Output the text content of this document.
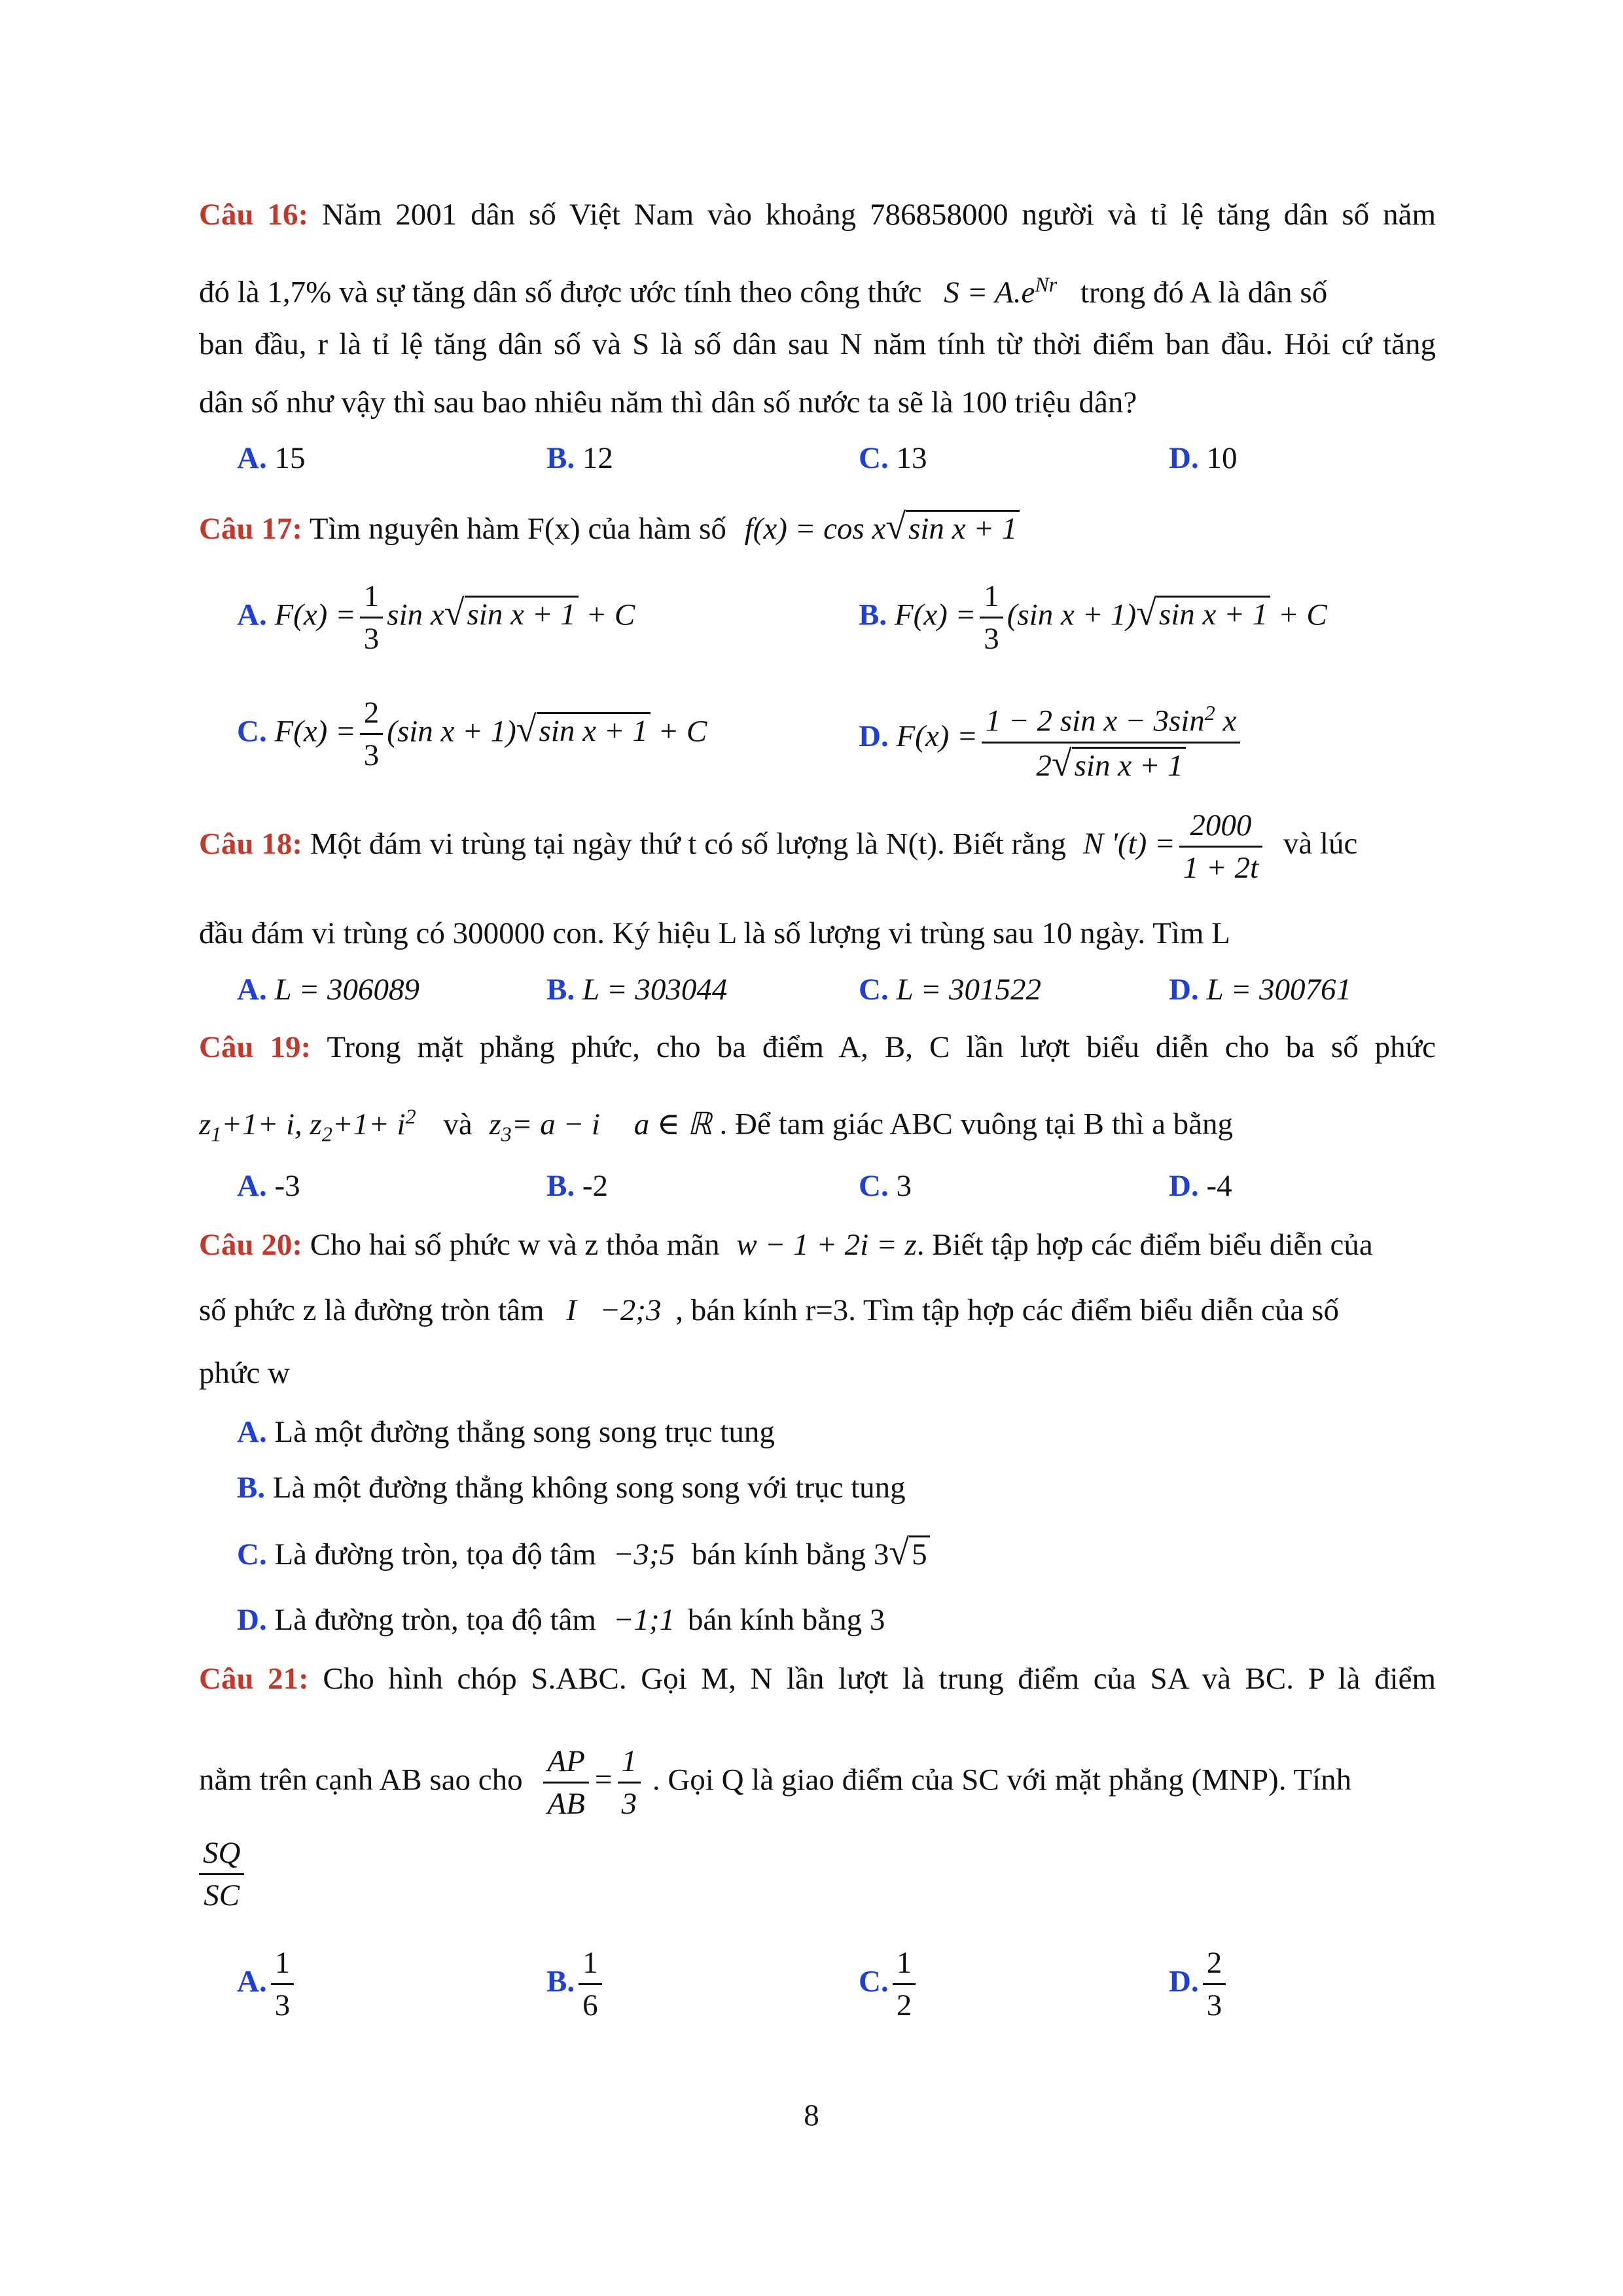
Câu 16: Năm 2001 dân số Việt Nam vào khoảng 786858000 người và tỉ lệ tăng dân số năm
đó là 1,7% và sự tăng dân số được ước tính theo công thức $S = A.e^{Nr}$ trong đó A là dân số
ban đầu, r là tỉ lệ tăng dân số và S là số dân sau N năm tính từ thời điểm ban đầu. Hỏi cứ tăng
dân số như vậy thì sau bao nhiêu năm thì dân số nước ta sẽ là 100 triệu dân?
A. 15	B. 12	C. 13	D. 10
Câu 17: Tìm nguyên hàm F(x) của hàm số f(x) = cos x√sin x + 1
A. $F(x) = \frac{1}{3}$ sin x√sin x + 1 + C	B. $F(x) = \frac{1}{3} (\sin$ x + 1)√sin x + 1 + C
C. $F(x) = \frac{2}{3} (\sin$ x + 1)√sin x + 1 + C	D. $F(x) = \frac{1 - 2 \sin x - 3\sin^2 x}{\text{2√sin x + 1}}$
Câu 18: Một đám vi trùng tại ngày thứ t có số lượng là N(t). Biết rằng N '$(t) = \frac{2000}{1 + 2t}$ và lúc
đầu đám vi trùng có 300000 con. Ký hiệu L là số lượng vi trùng sau 10 ngày. Tìm L
A. L = 306089	B. L = 303044	C. L = 301522	D. L = 300761
Câu 19: Trong mặt phẳng phức, cho ba điểm A, B, C lần lượt biểu diễn cho ba số phức
$z_1+1+ i$, $z_2+1+ i^2$ và $z_3= a - i$ a ∈ ℝ . Để tam giác ABC vuông tại B thì a bằng
A. -3	B. -2	C. 3	D. -4
Câu 20: Cho hai số phức w và z thỏa mãn w − 1 + 2i = z. Biết tập hợp các điểm biểu diễn của
số phức z là đường tròn tâm I   −2;3 , bán kính r=3. Tìm tập hợp các điểm biểu diễn của số
phức w
A. Là một đường thẳng song song trục tung
B. Là một đường thẳng không song song với trục tung
C. Là đường tròn, tọa độ tâm −3;5 bán kính bằng 3√5
D. Là đường tròn, tọa độ tâm −1;1 bán kính bằng 3
Câu 21: Cho hình chóp S.ABC. Gọi M, N lần lượt là trung điểm của SA và BC. P là điểm
nằm trên cạnh AB sao cho $\frac{AP}{AB} = \frac{1}{3}$ . Gọi Q là giao điểm của SC với mặt phẳng (MNP). Tính
$\frac{SQ}{SC}$
A. $\frac{1}{3}$	B. $\frac{1}{6}$	C. $\frac{1}{2}$	D. $\frac{2}{3}$
8
